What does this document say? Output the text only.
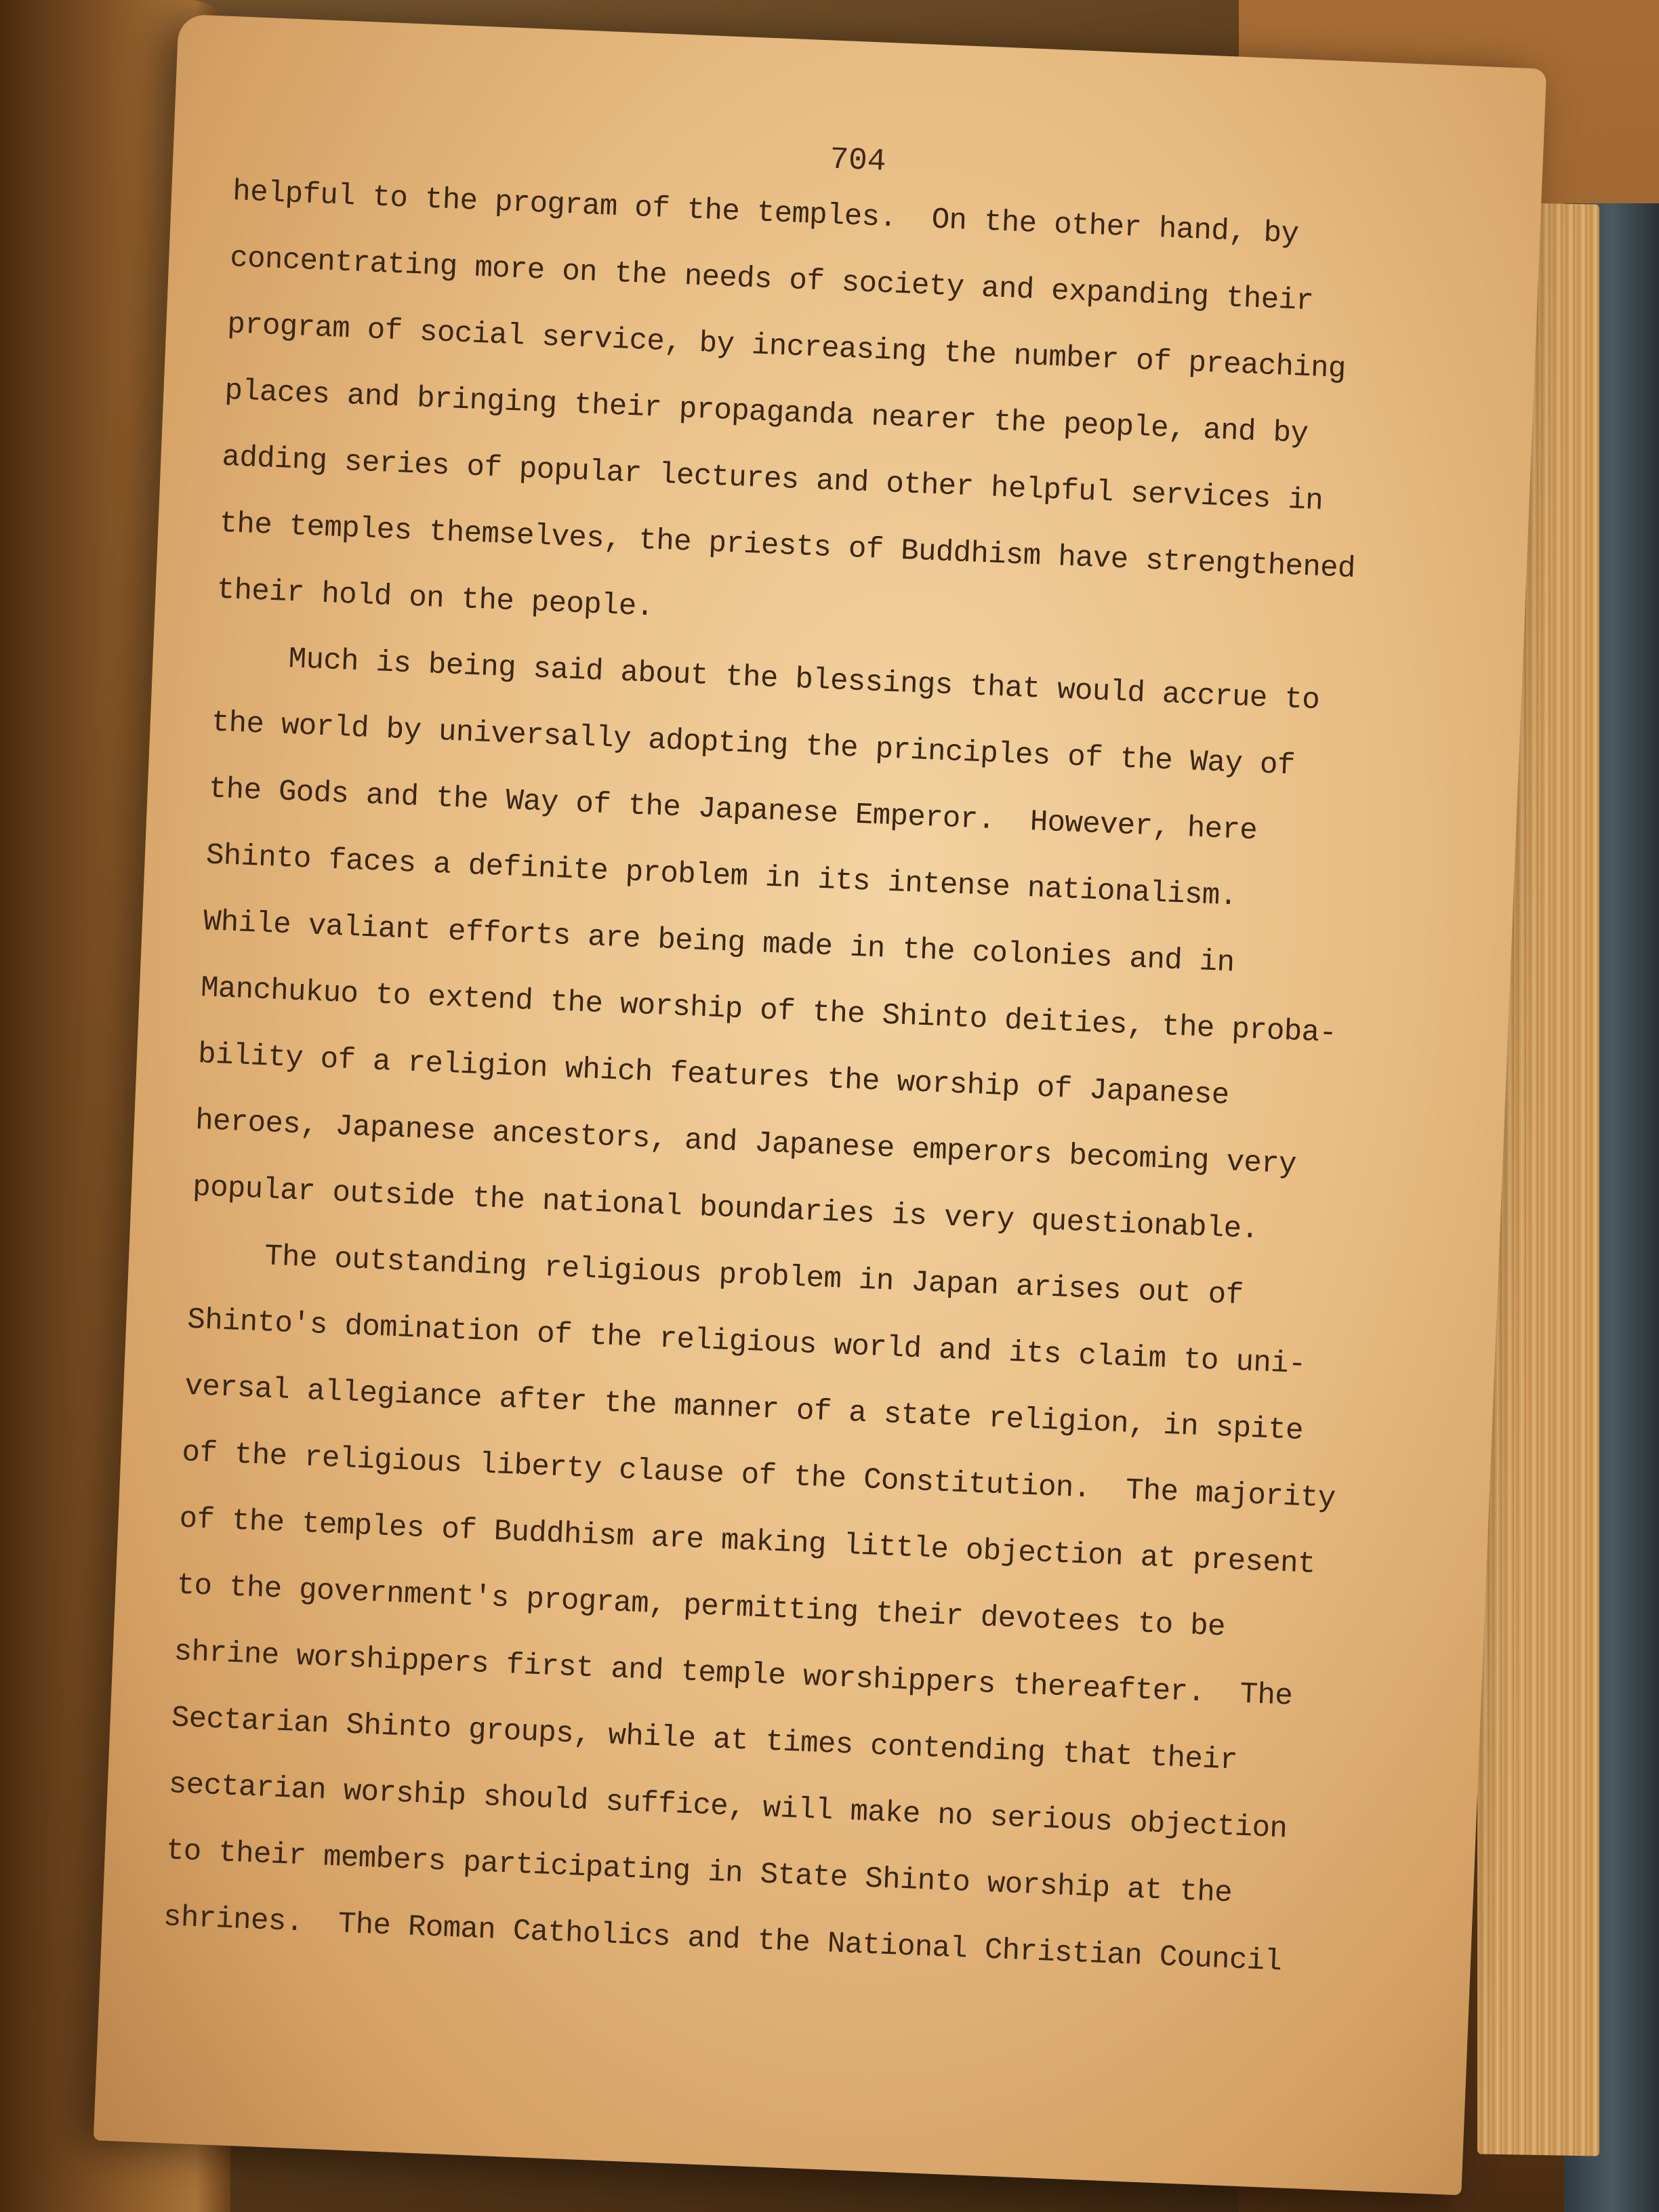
704
helpful to the program of the temples.  On the other hand, by
concentrating more on the needs of society and expanding their
program of social service, by increasing the number of preaching
places and bringing their propaganda nearer the people, and by
adding series of popular lectures and other helpful services in
the temples themselves, the priests of Buddhism have strengthened
their hold on the people.
Much is being said about the blessings that would accrue to
the world by universally adopting the principles of the Way of
the Gods and the Way of the Japanese Emperor.  However, here
Shinto faces a definite problem in its intense nationalism.
While valiant efforts are being made in the colonies and in
Manchukuo to extend the worship of the Shinto deities, the proba-
bility of a religion which features the worship of Japanese
heroes, Japanese ancestors, and Japanese emperors becoming very
popular outside the national boundaries is very questionable.
The outstanding religious problem in Japan arises out of
Shinto's domination of the religious world and its claim to uni-
versal allegiance after the manner of a state religion, in spite
of the religious liberty clause of the Constitution.  The majority
of the temples of Buddhism are making little objection at present
to the government's program, permitting their devotees to be
shrine worshippers first and temple worshippers thereafter.  The
Sectarian Shinto groups, while at times contending that their
sectarian worship should suffice, will make no serious objection
to their members participating in State Shinto worship at the
shrines.  The Roman Catholics and the National Christian Council
